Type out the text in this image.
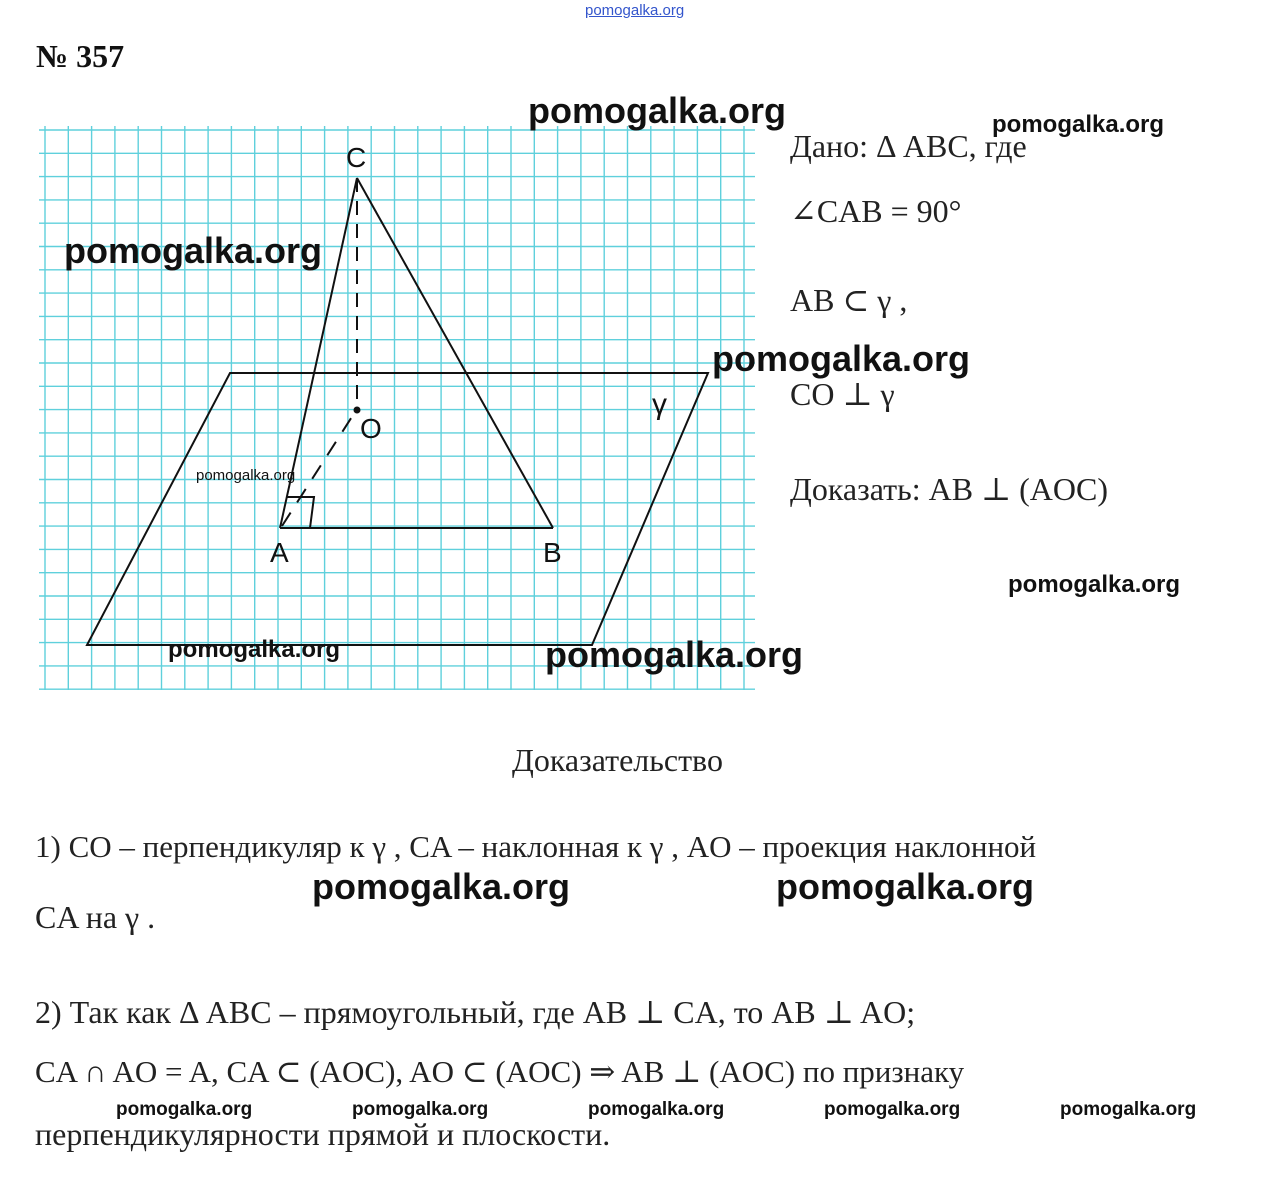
pomogalka.org
№ 357
C
O
A	B
γ
Дано: Δ ABC, где
∠CAB = 90°
AB ⊂ γ ,
CO ⊥ γ
Доказать: AB ⊥ (AOC)
Доказательство
1) CO – перпендикуляр к γ , CA – наклонная к γ , AO – проекция наклонной
CA на γ .
2) Так как Δ ABC – прямоугольный, где AB ⊥ CA, то AB ⊥ AO;
CA ∩ AO = A, CA ⊂ (AOC), AO ⊂ (AOC) ⇒ AB ⊥ (AOC) по признаку
перпендикулярности прямой и плоскости.
pomogalka.org	pomogalka.org
pomogalka.org
pomogalka.org
pomogalka.org
pomogalka.org
pomogalka.org	pomogalka.org
pomogalka.org	pomogalka.org
pomogalka.org	pomogalka.org	pomogalka.org	pomogalka.org	pomogalka.org
